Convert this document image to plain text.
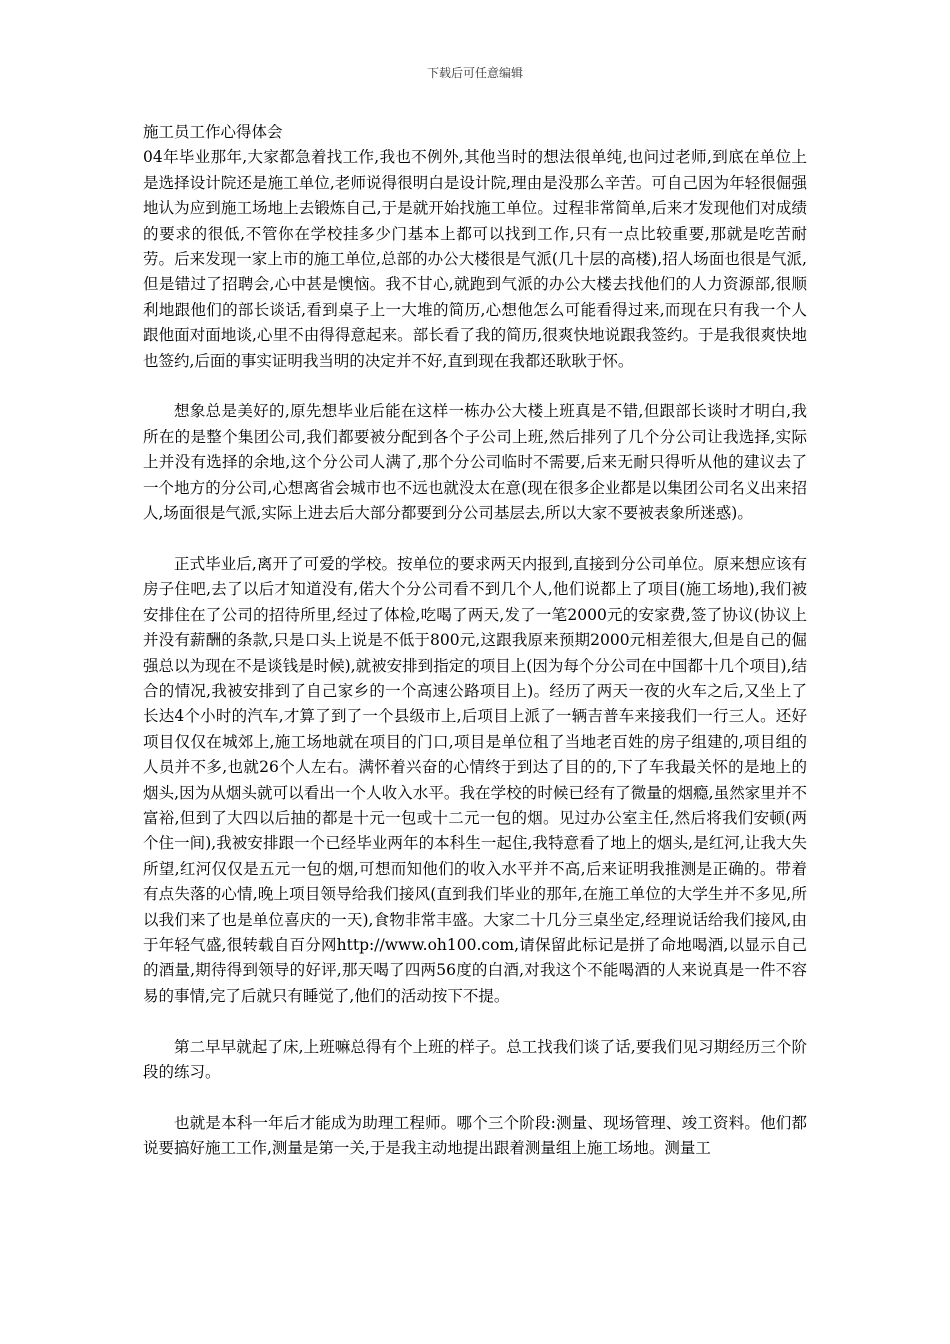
下载后可任意编辑

施工员工作心得体会

04年毕业那年,大家都急着找工作,我也不例外,其他当时的想法很单纯,也问过老师,到底在单位上是选择设计院还是施工单位,老师说得很明白是设计院,理由是没那么辛苦。可自己因为年轻很倔强地认为应到施工场地上去锻炼自己,于是就开始找施工单位。过程非常简单,后来才发现他们对成绩的要求的很低,不管你在学校挂多少门基本上都可以找到工作,只有一点比较重要,那就是吃苦耐劳。后来发现一家上市的施工单位,总部的办公大楼很是气派(几十层的高楼),招人场面也很是气派,但是错过了招聘会,心中甚是懊恼。我不甘心,就跑到气派的办公大楼去找他们的人力资源部,很顺利地跟他们的部长谈话,看到桌子上一大堆的简历,心想他怎么可能看得过来,而现在只有我一个人跟他面对面地谈,心里不由得得意起来。部长看了我的简历,很爽快地说跟我签约。于是我很爽快地也签约,后面的事实证明我当明的决定并不好,直到现在我都还耿耿于怀。

想象总是美好的,原先想毕业后能在这样一栋办公大楼上班真是不错,但跟部长谈时才明白,我所在的是整个集团公司,我们都要被分配到各个子公司上班,然后排列了几个分公司让我选择,实际上并没有选择的余地,这个分公司人满了,那个分公司临时不需要,后来无耐只得听从他的建议去了一个地方的分公司,心想离省会城市也不远也就没太在意(现在很多企业都是以集团公司名义出来招人,场面很是气派,实际上进去后大部分都要到分公司基层去,所以大家不要被表象所迷惑)。

正式毕业后,离开了可爱的学校。按单位的要求两天内报到,直接到分公司单位。原来想应该有房子住吧,去了以后才知道没有,偌大个分公司看不到几个人,他们说都上了项目(施工场地),我们被安排住在了公司的招待所里,经过了体检,吃喝了两天,发了一笔2000元的安家费,签了协议(协议上并没有薪酬的条款,只是口头上说是不低于800元,这跟我原来预期2000元相差很大,但是自己的倔强总以为现在不是谈钱是时候),就被安排到指定的项目上(因为每个分公司在中国都十几个项目),结合的情况,我被安排到了自己家乡的一个高速公路项目上)。经历了两天一夜的火车之后,又坐上了长达4个小时的汽车,才算了到了一个县级市上,后项目上派了一辆吉普车来接我们一行三人。还好项目仅仅在城郊上,施工场地就在项目的门口,项目是单位租了当地老百姓的房子组建的,项目组的人员并不多,也就26个人左右。满怀着兴奋的心情终于到达了目的的,下了车我最关怀的是地上的烟头,因为从烟头就可以看出一个人收入水平。我在学校的时候已经有了微量的烟瘾,虽然家里并不富裕,但到了大四以后抽的都是十元一包或十二元一包的烟。见过办公室主任,然后将我们安顿(两个住一间),我被安排跟一个已经毕业两年的本科生一起住,我特意看了地上的烟头,是红河,让我大失所望,红河仅仅是五元一包的烟,可想而知他们的收入水平并不高,后来证明我推测是正确的。带着有点失落的心情,晚上项目领导给我们接风(直到我们毕业的那年,在施工单位的大学生并不多见,所以我们来了也是单位喜庆的一天),食物非常丰盛。大家二十几分三桌坐定,经理说话给我们接风,由于年轻气盛,很转载自百分网http://www.oh100.com,请保留此标记是拼了命地喝酒,以显示自己的酒量,期待得到领导的好评,那天喝了四两56度的白酒,对我这个不能喝酒的人来说真是一件不容易的事情,完了后就只有睡觉了,他们的活动按下不提。

第二早早就起了床,上班嘛总得有个上班的样子。总工找我们谈了话,要我们见习期经历三个阶段的练习。

也就是本科一年后才能成为助理工程师。哪个三个阶段:测量、现场管理、竣工资料。他们都说要搞好施工工作,测量是第一关,于是我主动地提出跟着测量组上施工场地。测量工
